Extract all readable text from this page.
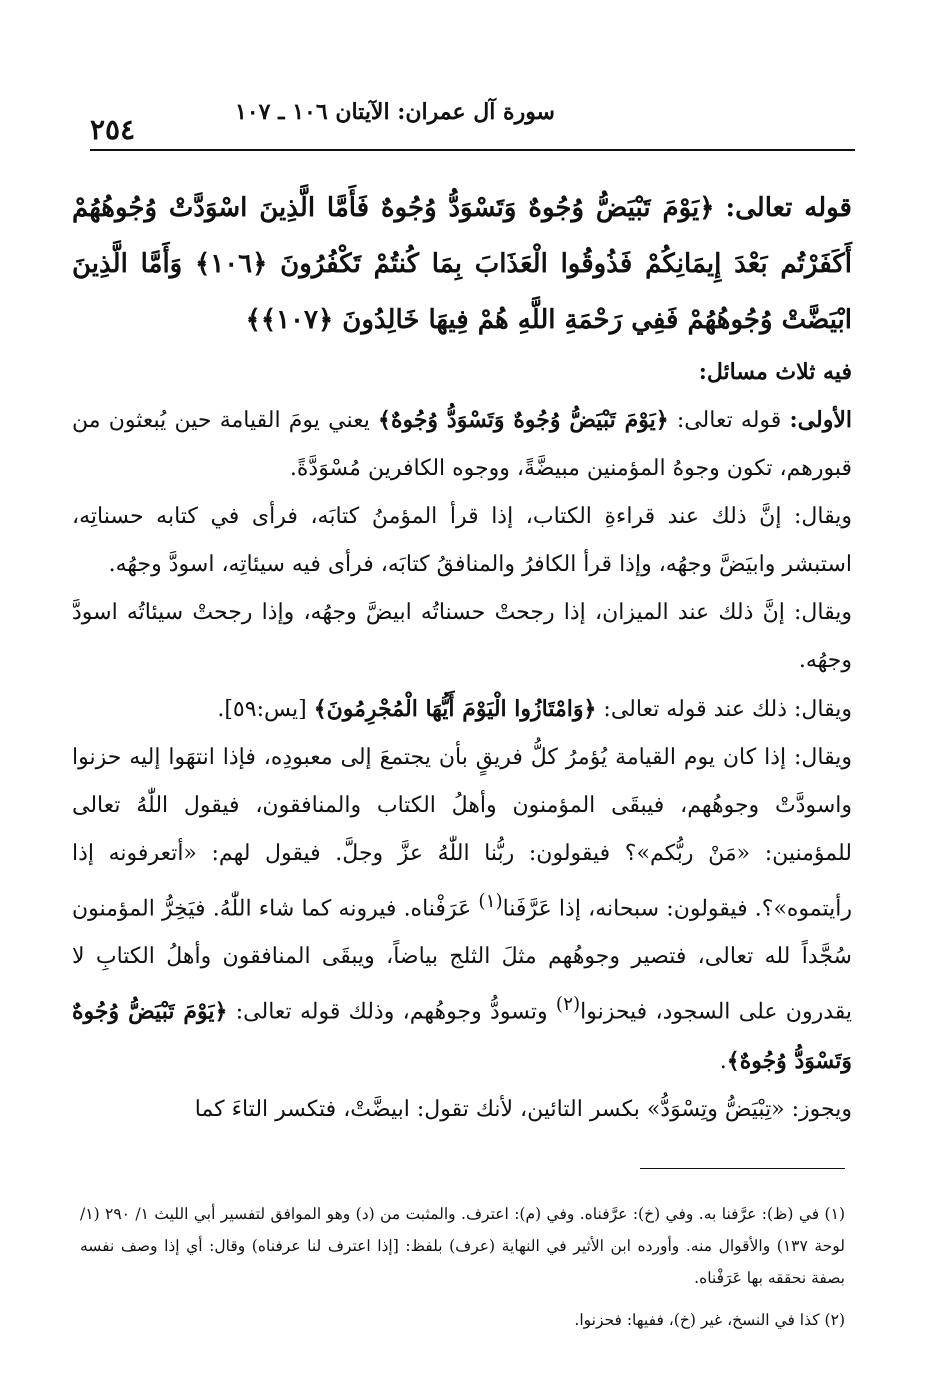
سورة آل عمران: الآيتان ١٠٦ ـ ١٠٧
٢٥٤

قوله تعالى: ﴿يَوْمَ تَبْيَضُّ وُجُوهٌ وَتَسْوَدُّ وُجُوهٌ فَأَمَّا الَّذِينَ اسْوَدَّتْ وُجُوهُهُمْ أَكَفَرْتُم بَعْدَ إِيمَانِكُمْ فَذُوقُوا الْعَذَابَ بِمَا كُنتُمْ تَكْفُرُونَ ﴿١٠٦﴾ وَأَمَّا الَّذِينَ ابْيَضَّتْ وُجُوهُهُمْ فَفِي رَحْمَةِ اللَّهِ هُمْ فِيهَا خَالِدُونَ ﴿١٠٧﴾﴾

فيه ثلاث مسائل:

الأولى: قوله تعالى: ﴿يَوْمَ تَبْيَضُّ وُجُوهٌ وَتَسْوَدُّ وُجُوهٌ﴾ يعني يومَ القيامة حين يُبعثون من قبورهم، تكون وجوهُ المؤمنين مبيضَّةً، ووجوه الكافرين مُسْوَدَّةً.

ويقال: إنَّ ذلك عند قراءةِ الكتاب، إذا قرأ المؤمنُ كتابَه، فرأى في كتابه حسناتِه، استبشر وابيَضَّ وجهُه، وإذا قرأ الكافرُ والمنافقُ كتابَه، فرأى فيه سيئاتِه، اسودَّ وجهُه.

ويقال: إنَّ ذلك عند الميزان، إذا رجحتْ حسناتُه ابيضَّ وجهُه، وإذا رجحتْ سيئاتُه اسودَّ وجهُه.

ويقال: ذلك عند قوله تعالى: ﴿وَامْتَازُوا الْيَوْمَ أَيُّهَا الْمُجْرِمُونَ﴾ [يس:٥٩].

ويقال: إذا كان يوم القيامة يُؤمرُ كلُّ فريقٍ بأن يجتمعَ إلى معبودِه، فإذا انتهَوا إليه حزنوا واسودَّتْ وجوهُهم، فيبقَى المؤمنون وأهلُ الكتاب والمنافقون، فيقول اللّٰهُ تعالى للمؤمنين: «مَنْ ربُّكم»؟ فيقولون: ربُّنا اللّٰهُ عزَّ وجلَّ. فيقول لهم: «أتعرفونه إذا رأيتموه»؟. فيقولون: سبحانه، إذا عَرَّفَنا$^{(١)}$ عَرَفْناه. فيرونه كما شاء اللّٰهُ. فيَخِرُّ المؤمنون سُجَّداً لله تعالى، فتصير وجوهُهم مثلَ الثلج بياضاً، ويبقَى المنافقون وأهلُ الكتابِ لا يقدرون على السجود، فيحزنوا$^{(٢)}$ وتسودُّ وجوهُهم، وذلك قوله تعالى: ﴿يَوْمَ تَبْيَضُّ وُجُوهٌ وَتَسْوَدُّ وُجُوهٌ﴾.

ويجوز: «تِبْيَضُّ وتِسْوَدُّ» بكسر التائين، لأنك تقول: ابيضَّتْ، فتكسر التاءَ كما

(١) في (ظ): عرَّفنا به. وفي (خ): عرَّفناه. وفي (م): اعترف. والمثبت من (د) وهو الموافق لتفسير أبي الليث ١/ ٢٩٠ (١/ لوحة ١٣٧) والأقوال منه. وأورده ابن الأثير في النهاية (عرف) بلفظ: [إذا اعترف لنا عرفناه) وقال: أي إذا وصف نفسه بصفة نحققه بها عَرَفْناه.

(٢) كذا في النسخ، غير (خ)، ففيها: فحزنوا.
